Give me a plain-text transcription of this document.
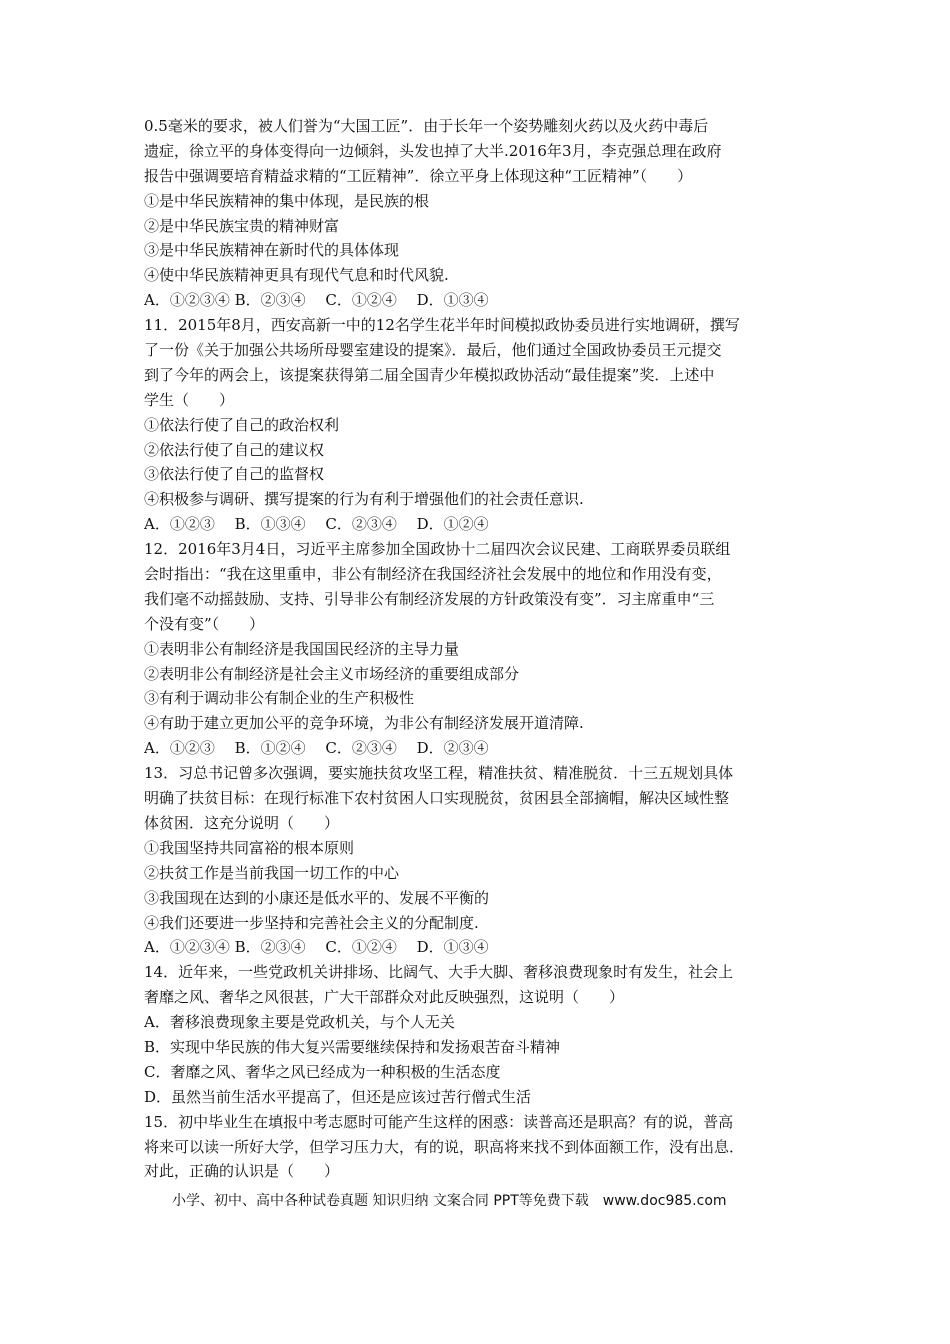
0.5毫米的要求，被人们誉为“大国工匠”．由于长年一个姿势雕刻火药以及火药中毒后
遗症，徐立平的身体变得向一边倾斜，头发也掉了大半.2016年3月，李克强总理在政府
报告中强调要培育精益求精的“工匠精神”．徐立平身上体现这种“工匠精神”（　　）
①是中华民族精神的集中体现，是民族的根
②是中华民族宝贵的精神财富
③是中华民族精神在新时代的具体体现
④使中华民族精神更具有现代气息和时代风貌.
A．①②③④ B．②③④　 C．①②④　 D．①③④
11．2015年8月，西安高新一中的12名学生花半年时间模拟政协委员进行实地调研，撰写
了一份《关于加强公共场所母婴室建设的提案》．最后，他们通过全国政协委员王元提交
到了今年的两会上，该提案获得第二届全国青少年模拟政协活动“最佳提案”奖．上述中
学生（　　）
①依法行使了自己的政治权利
②依法行使了自己的建议权
③依法行使了自己的监督权
④积极参与调研、撰写提案的行为有利于增强他们的社会责任意识.
A．①②③　 B．①③④　 C．②③④　 D．①②④
12．2016年3月4日，习近平主席参加全国政协十二届四次会议民建、工商联界委员联组
会时指出：“我在这里重申，非公有制经济在我国经济社会发展中的地位和作用没有变，
我们毫不动摇鼓励、支持、引导非公有制经济发展的方针政策没有变”．习主席重申“三
个没有变”（　　）
①表明非公有制经济是我国国民经济的主导力量
②表明非公有制经济是社会主义市场经济的重要组成部分
③有利于调动非公有制企业的生产积极性
④有助于建立更加公平的竞争环境，为非公有制经济发展开道清障.
A．①②③　 B．①②④　 C．②③④　 D．②③④
13．习总书记曾多次强调，要实施扶贫攻坚工程，精准扶贫、精准脱贫．十三五规划具体
明确了扶贫目标：在现行标准下农村贫困人口实现脱贫，贫困县全部摘帽，解决区域性整
体贫困．这充分说明（　　）
①我国坚持共同富裕的根本原则
②扶贫工作是当前我国一切工作的中心
③我国现在达到的小康还是低水平的、发展不平衡的
④我们还要进一步坚持和完善社会主义的分配制度.
A．①②③④ B．②③④　 C．①②④　 D．①③④
14．近年来，一些党政机关讲排场、比阔气、大手大脚、奢移浪费现象时有发生，社会上
奢靡之风、奢华之风很甚，广大干部群众对此反映强烈，这说明（　　）
A．奢移浪费现象主要是党政机关，与个人无关
B．实现中华民族的伟大复兴需要继续保持和发扬艰苦奋斗精神
C．奢靡之风、奢华之风已经成为一种积极的生活态度
D．虽然当前生活水平提高了，但还是应该过苦行僧式生活
15．初中毕业生在填报中考志愿时可能产生这样的困惑：读普高还是职高？有的说，普高
将来可以读一所好大学，但学习压力大，有的说，职高将来找不到体面额工作，没有出息．
对此，正确的认识是（　　）
小学、初中、高中各种试卷真题 知识归纳 文案合同 PPT等免费下载　www.doc985.com
